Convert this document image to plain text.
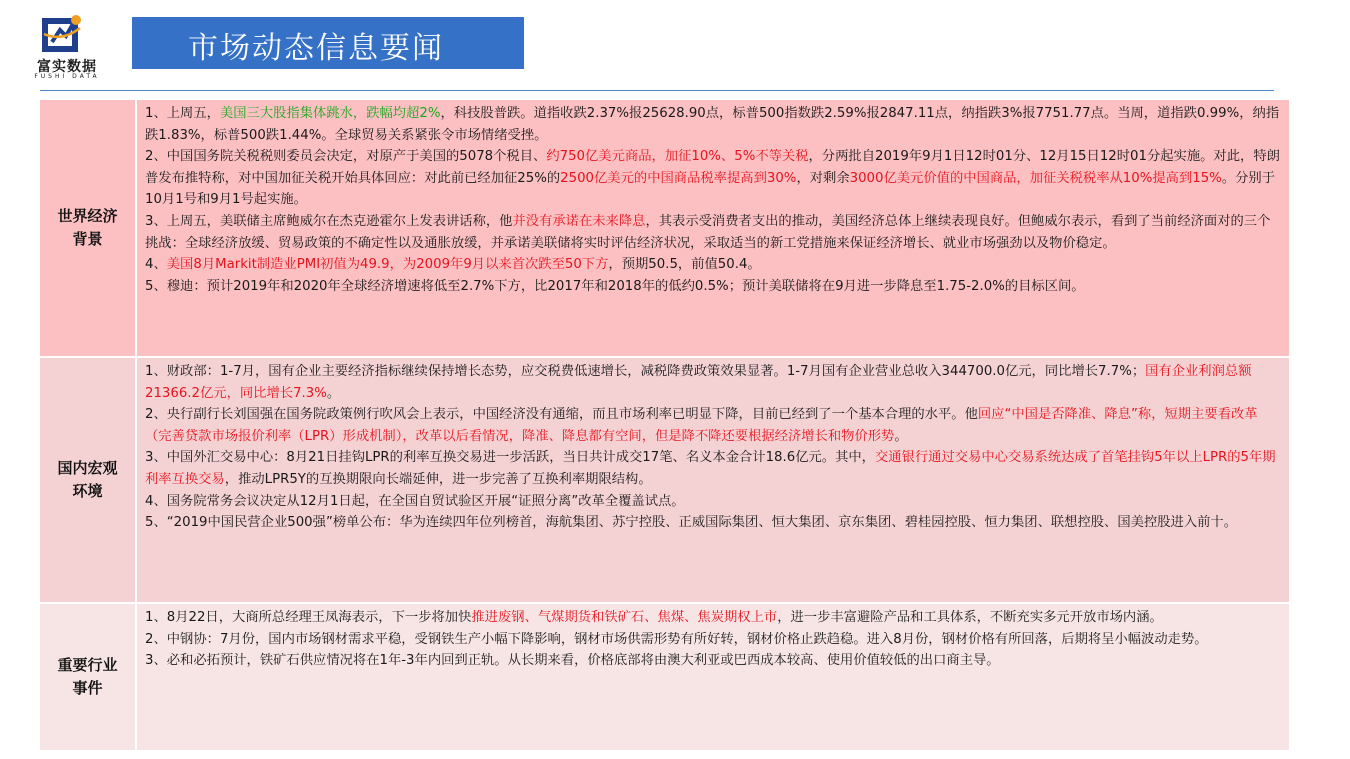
富实数据
FUSHI DATA
市场动态信息要闻
世界经济
背景

1、上周五，美国三大股指集体跳水，跌幅均超2%，科技股普跌。道指收跌2.37%报25628.90点，标普500指数跌2.59%报2847.11点，纳指跌3%报7751.77点。当周，道指跌0.99%，纳指跌1.83%，标普500跌1.44%。全球贸易关系紧张令市场情绪受挫。

2、中国国务院关税税则委员会决定，对原产于美国的5078个税目、约750亿美元商品，加征10%、5%不等关税，分两批自2019年9月1日12时01分、12月15日12时01分起实施。对此，特朗普发布推特称，对中国加征关税开始具体回应：对此前已经加征25%的2500亿美元的中国商品税率提高到30%，对剩余3000亿美元价值的中国商品，加征关税税率从10%提高到15%。分别于10月1号和9月1号起实施。

3、上周五，美联储主席鲍威尔在杰克逊霍尔上发表讲话称，他并没有承诺在未来降息，其表示受消费者支出的推动，美国经济总体上继续表现良好。但鲍威尔表示，看到了当前经济面对的三个挑战：全球经济放缓、贸易政策的不确定性以及通胀放缓，并承诺美联储将实时评估经济状况，采取适当的新工党措施来保证经济增长、就业市场强劲以及物价稳定。

4、美国8月Markit制造业PMI初值为49.9，为2009年9月以来首次跌至50下方，预期50.5，前值50.4。

5、穆迪：预计2019年和2020年全球经济增速将低至2.7%下方，比2017年和2018年的低约0.5%；预计美联储将在9月进一步降息至1.75-2.0%的目标区间。

国内宏观
环境

1、财政部：1-7月，国有企业主要经济指标继续保持增长态势，应交税费低速增长，减税降费政策效果显著。1-7月国有企业营业总收入344700.0亿元，同比增长7.7%；国有企业利润总额21366.2亿元，同比增长7.3%。

2、央行副行长刘国强在国务院政策例行吹风会上表示，中国经济没有通缩，而且市场利率已明显下降，目前已经到了一个基本合理的水平。他回应“中国是否降准、降息”称，短期主要看改革（完善贷款市场报价利率（LPR）形成机制），改革以后看情况，降准、降息都有空间，但是降不降还要根据经济增长和物价形势。

3、中国外汇交易中心：8月21日挂钩LPR的利率互换交易进一步活跃，当日共计成交17笔、名义本金合计18.6亿元。其中，交通银行通过交易中心交易系统达成了首笔挂钩5年以上LPR的5年期利率互换交易，推动LPR5Y的互换期限向长端延伸，进一步完善了互换利率期限结构。

4、国务院常务会议决定从12月1日起，在全国自贸试验区开展“证照分离”改革全覆盖试点。

5、“2019中国民营企业500强”榜单公布：华为连续四年位列榜首，海航集团、苏宁控股、正威国际集团、恒大集团、京东集团、碧桂园控股、恒力集团、联想控股、国美控股进入前十。

重要行业
事件

1、8月22日，大商所总经理王凤海表示，下一步将加快推进废钢、气煤期货和铁矿石、焦煤、焦炭期权上市，进一步丰富避险产品和工具体系，不断充实多元开放市场内涵。

2、中钢协：7月份，国内市场钢材需求平稳，受钢铁生产小幅下降影响，钢材市场供需形势有所好转，钢材价格止跌趋稳。进入8月份，钢材价格有所回落，后期将呈小幅波动走势。

3、必和必拓预计，铁矿石供应情况将在1年-3年内回到正轨。从长期来看，价格底部将由澳大利亚或巴西成本较高、使用价值较低的出口商主导。
